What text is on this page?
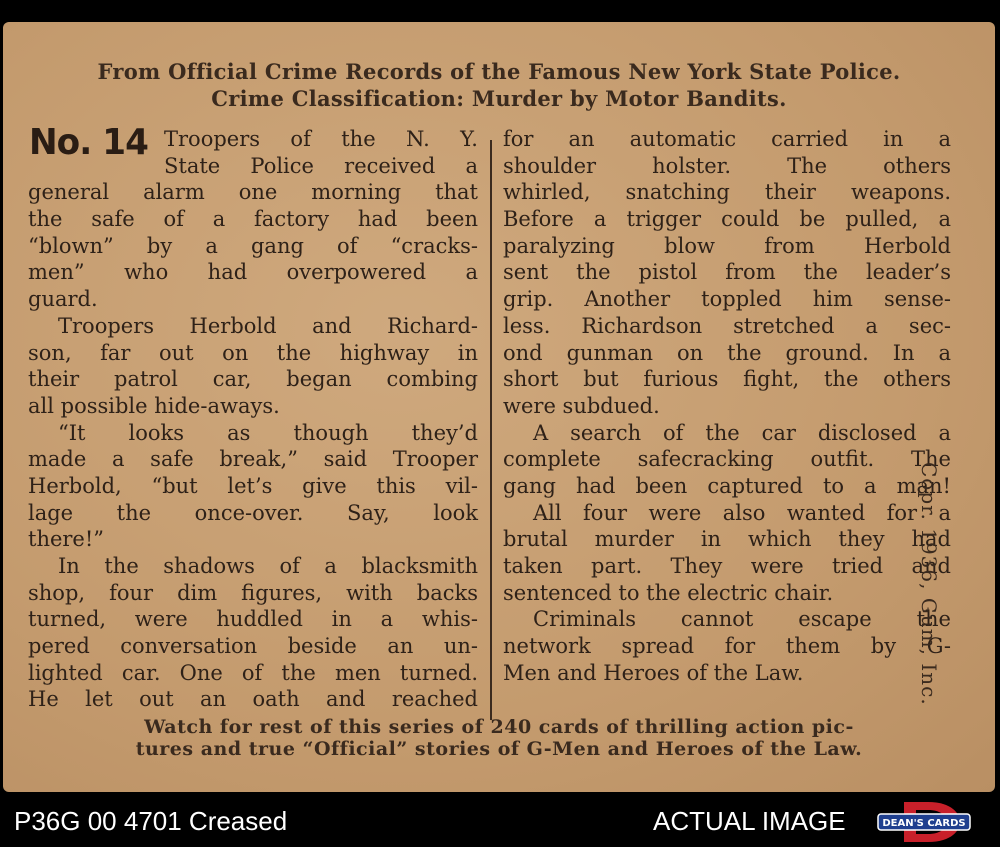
From Official Crime Records of the Famous New York State Police.
Crime Classification: Murder by Motor Bandits.
No. 14 Troopers of the N. Y.
State Police received a
general alarm one morning that
the safe of a factory had been
“blown” by a gang of “cracks-
men” who had overpowered a
guard.
Troopers Herbold and Richard-
son, far out on the highway in
their patrol car, began combing
all possible hide-aways.
“It looks as though they’d
made a safe break,” said Trooper
Herbold, “but let’s give this vil-
lage the once-over. Say, look
there!”
In the shadows of a blacksmith
shop, four dim figures, with backs
turned, were huddled in a whis-
pered conversation beside an un-
lighted car. One of the men turned.
He let out an oath and reached
for an automatic carried in a
shoulder holster. The others
whirled, snatching their weapons.
Before a trigger could be pulled, a
paralyzing blow from Herbold
sent the pistol from the leader’s
grip. Another toppled him sense-
less. Richardson stretched a sec-
ond gunman on the ground. In a
short but furious fight, the others
were subdued.
A search of the car disclosed a
complete safecracking outfit. The
gang had been captured to a man!
All four were also wanted for a
brutal murder in which they had
taken part. They were tried and
sentenced to the electric chair.
Criminals cannot escape the
network spread for them by G-
Men and Heroes of the Law.	Copr. 1936, Gum, Inc.
Watch for rest of this series of 240 cards of thrilling action pic-
tures and true “Official” stories of G-Men and Heroes of the Law.
P36G 00 4701 Creased	ACTUAL IMAGE	DEAN'S CARDS
